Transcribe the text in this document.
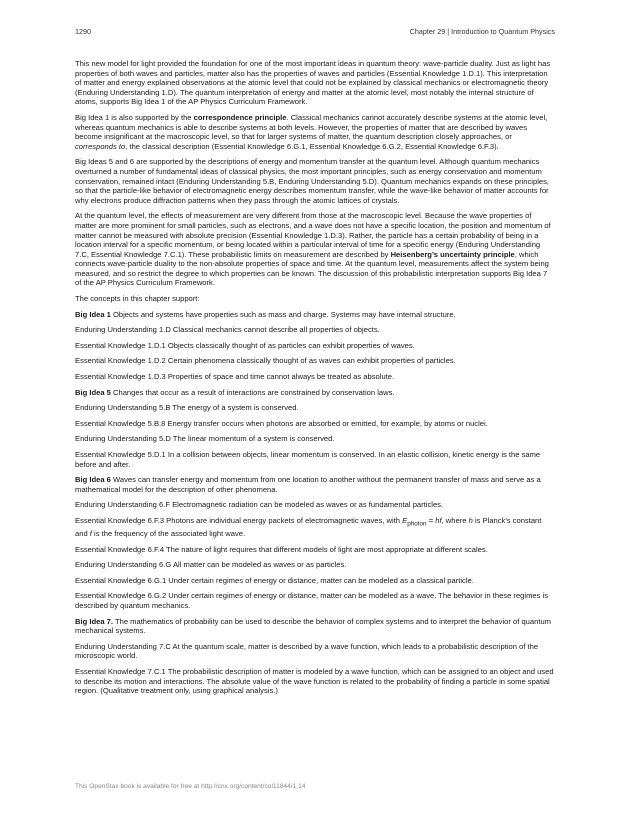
1290	Chapter 29 | Introduction to Quantum Physics

This new model for light provided the foundation for one of the most important ideas in quantum theory: wave-particle duality. Just as light has properties of both waves and particles, matter also has the properties of waves and particles (Essential Knowledge 1.D.1). This interpretation of matter and energy explained observations at the atomic level that could not be explained by classical mechanics or electromagnetic theory (Enduring Understanding 1.D). The quantum interpretation of energy and matter at the atomic level, most notably the internal structure of atoms, supports Big Idea 1 of the AP Physics Curriculum Framework.

Big Idea 1 is also supported by the correspondence principle. Classical mechanics cannot accurately describe systems at the atomic level, whereas quantum mechanics is able to describe systems at both levels. However, the properties of matter that are described by waves become insignificant at the macroscopic level, so that for larger systems of matter, the quantum description closely approaches, or corresponds to, the classical description (Essential Knowledge 6.G.1, Essential Knowledge 6.G.2, Essential Knowledge 6.F.3).

Big Ideas 5 and 6 are supported by the descriptions of energy and momentum transfer at the quantum level. Although quantum mechanics overturned a number of fundamental ideas of classical physics, the most important principles, such as energy conservation and momentum conservation, remained intact (Enduring Understanding 5.B, Enduring Understanding 5.D). Quantum mechanics expands on these principles, so that the particle-like behavior of electromagnetic energy describes momentum transfer, while the wave-like behavior of matter accounts for why electrons produce diffraction patterns when they pass through the atomic lattices of crystals.

At the quantum level, the effects of measurement are very different from those at the macroscopic level. Because the wave properties of matter are more prominent for small particles, such as electrons, and a wave does not have a specific location, the position and momentum of matter cannot be measured with absolute precision (Essential Knowledge 1.D.3). Rather, the particle has a certain probability of being in a location interval for a specific momentum, or being located within a particular interval of time for a specific energy (Enduring Understanding 7.C, Essential Knowledge 7.C.1). These probabilistic limits on measurement are described by Heisenberg’s uncertainty principle, which connects wave-particle duality to the non-absolute properties of space and time. At the quantum level, measurements affect the system being measured, and so restrict the degree to which properties can be known. The discussion of this probabilistic interpretation supports Big Idea 7 of the AP Physics Curriculum Framework.

The concepts in this chapter support:

Big Idea 1 Objects and systems have properties such as mass and charge. Systems may have internal structure.

Enduring Understanding 1.D Classical mechanics cannot describe all properties of objects.

Essential Knowledge 1.D.1 Objects classically thought of as particles can exhibit properties of waves.

Essential Knowledge 1.D.2 Certain phenomena classically thought of as waves can exhibit properties of particles.

Essential Knowledge 1.D.3 Properties of space and time cannot always be treated as absolute.

Big Idea 5 Changes that occur as a result of interactions are constrained by conservation laws.

Enduring Understanding 5.B The energy of a system is conserved.

Essential Knowledge 5.B.8 Energy transfer occurs when photons are absorbed or emitted, for example, by atoms or nuclei.

Enduring Understanding 5.D The linear momentum of a system is conserved.

Essential Knowledge 5.D.1 In a collision between objects, linear momentum is conserved. In an elastic collision, kinetic energy is the same before and after.

Big Idea 6 Waves can transfer energy and momentum from one location to another without the permanent transfer of mass and serve as a mathematical model for the description of other phenomena.

Enduring Understanding 6.F Electromagnetic radiation can be modeled as waves or as fundamental particles.

Essential Knowledge 6.F.3 Photons are individual energy packets of electromagnetic waves, with $E_{photon}$ = hf, where h is Planck's constant and f is the frequency of the associated light wave.

Essential Knowledge 6.F.4 The nature of light requires that different models of light are most appropriate at different scales.

Enduring Understanding 6.G All matter can be modeled as waves or as particles.

Essential Knowledge 6.G.1 Under certain regimes of energy or distance, matter can be modeled as a classical particle.

Essential Knowledge 6.G.2 Under certain regimes of energy or distance, matter can be modeled as a wave. The behavior in these regimes is described by quantum mechanics.

Big Idea 7. The mathematics of probability can be used to describe the behavior of complex systems and to interpret the behavior of quantum mechanical systems.

Enduring Understanding 7.C At the quantum scale, matter is described by a wave function, which leads to a probabilistic description of the microscopic world.

Essential Knowledge 7.C.1 The probabilistic description of matter is modeled by a wave function, which can be assigned to an object and used to describe its motion and interactions. The absolute value of the wave function is related to the probability of finding a particle in some spatial region. (Qualitative treatment only, using graphical analysis.)

This OpenStax book is available for free at http://cnx.org/content/col11844/1.14
